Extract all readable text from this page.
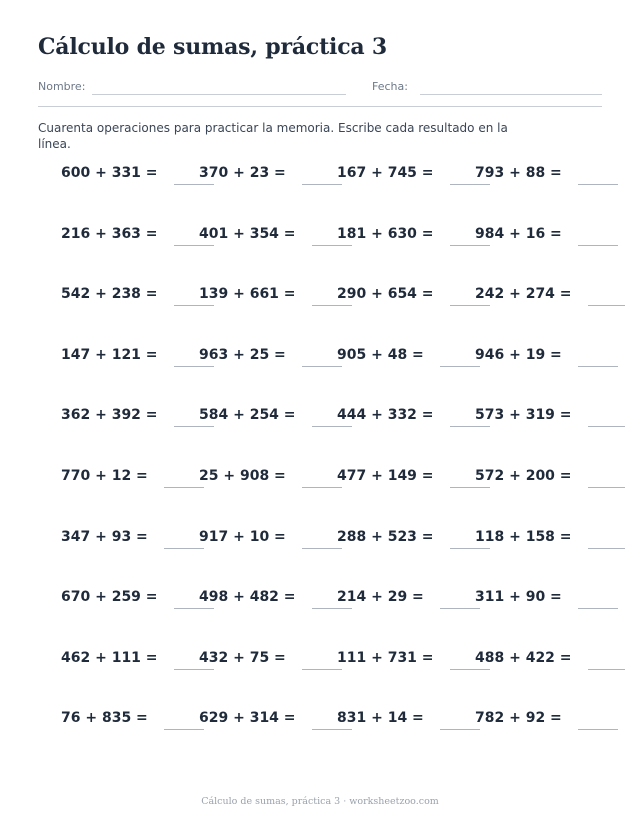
Cálculo de sumas, práctica 3
Nombre:	Fecha:
Cuarenta operaciones para practicar la memoria. Escribe cada resultado en la línea.
600 + 331 =	370 + 23 =	167 + 745 =	793 + 88 =
216 + 363 =	401 + 354 =	181 + 630 =	984 + 16 =
542 + 238 =	139 + 661 =	290 + 654 =	242 + 274 =
147 + 121 =	963 + 25 =	905 + 48 =	946 + 19 =
362 + 392 =	584 + 254 =	444 + 332 =	573 + 319 =
770 + 12 =	25 + 908 =	477 + 149 =	572 + 200 =
347 + 93 =	917 + 10 =	288 + 523 =	118 + 158 =
670 + 259 =	498 + 482 =	214 + 29 =	311 + 90 =
462 + 111 =	432 + 75 =	111 + 731 =	488 + 422 =
76 + 835 =	629 + 314 =	831 + 14 =	782 + 92 =
Cálculo de sumas, práctica 3 · worksheetzoo.com
